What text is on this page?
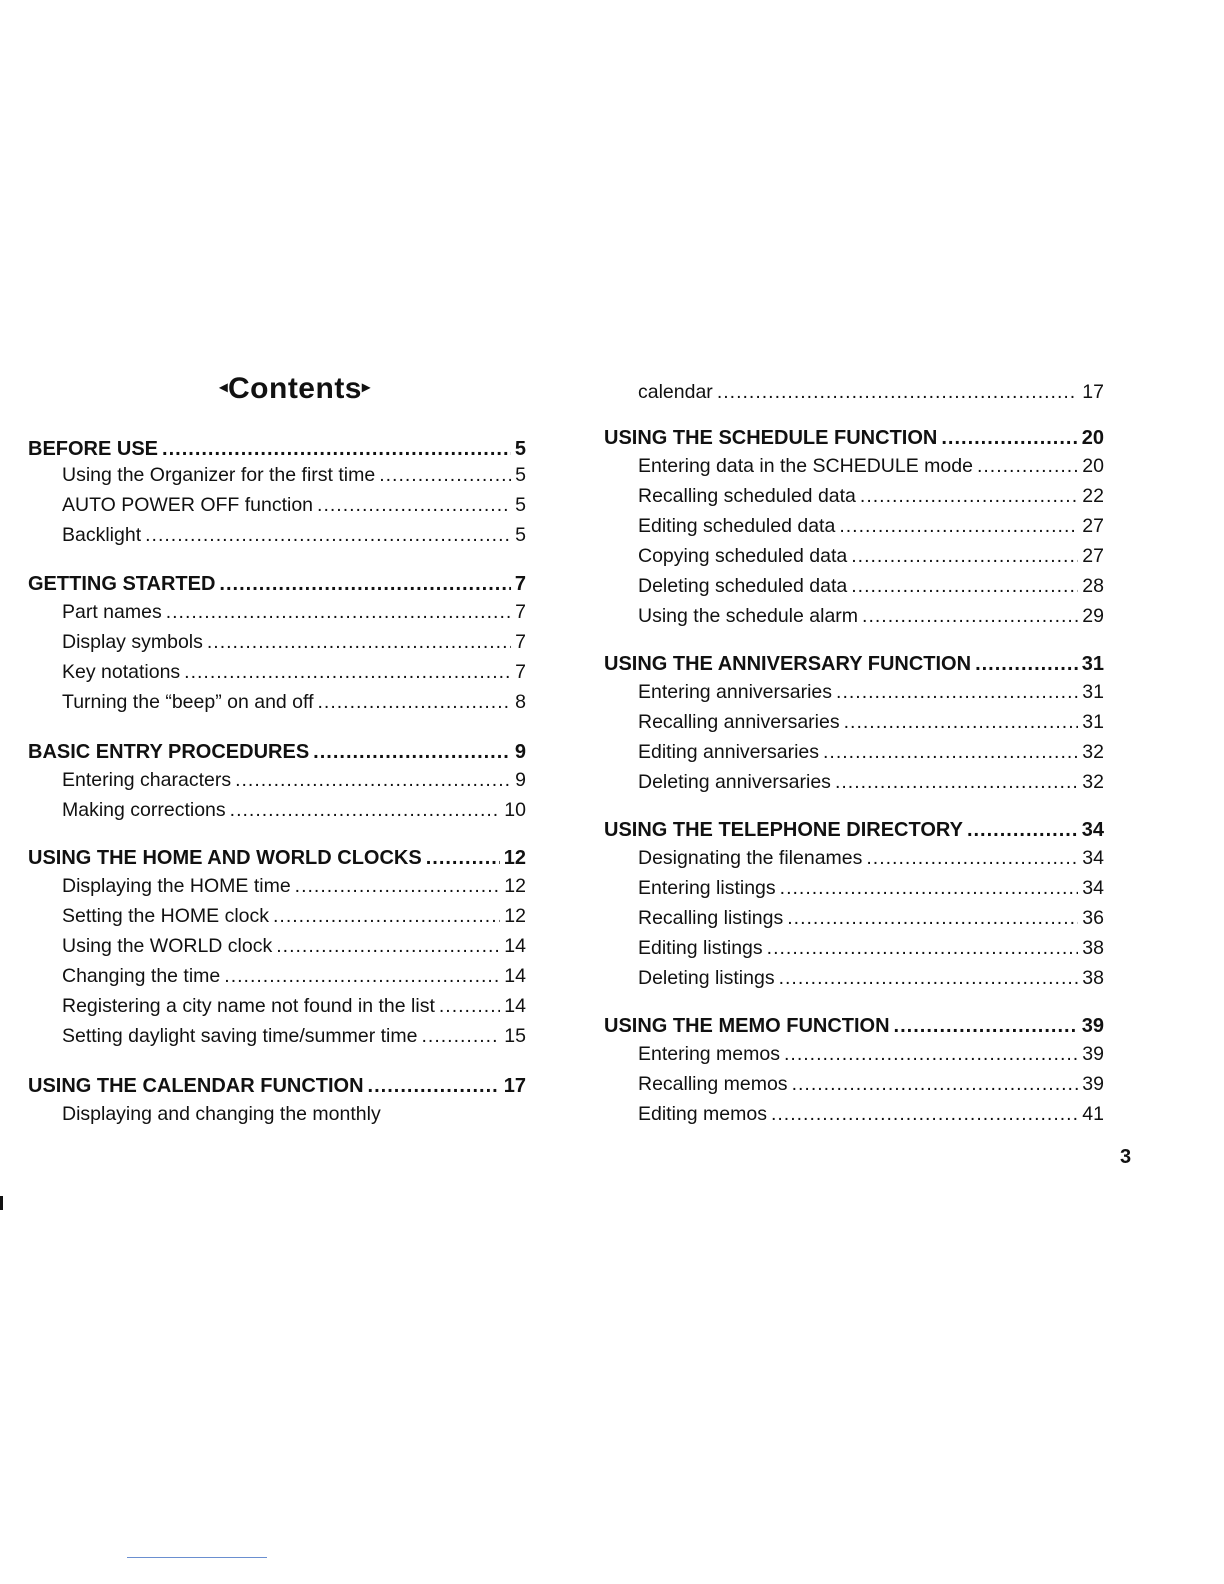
◂Contents▸
BEFORE USE .....	5
Using the Organizer for the first time .....	5
AUTO POWER OFF function .....	5
Backlight .....	5
GETTING STARTED .....	7
Part names .....	7
Display symbols .....	7
Key notations .....	7
Turning the “beep” on and off .....	8
BASIC ENTRY PROCEDURES .....	9
Entering characters .....	9
Making corrections .....	10
USING THE HOME AND WORLD CLOCKS .....	12
Displaying the HOME time .....	12
Setting the HOME clock .....	12
Using the WORLD clock .....	14
Changing the time .....	14
Registering a city name not found in the list .....	14
Setting daylight saving time/summer time .....	15
USING THE CALENDAR FUNCTION .....	17
Displaying and changing the monthly
calendar .....	17
USING THE SCHEDULE FUNCTION .....	20
Entering data in the SCHEDULE mode .....	20
Recalling scheduled data .....	22
Editing scheduled data .....	27
Copying scheduled data .....	27
Deleting scheduled data .....	28
Using the schedule alarm .....	29
USING THE ANNIVERSARY FUNCTION .....	31
Entering anniversaries .....	31
Recalling anniversaries .....	31
Editing anniversaries .....	32
Deleting anniversaries .....	32
USING THE TELEPHONE DIRECTORY .....	34
Designating the filenames .....	34
Entering listings .....	34
Recalling listings .....	36
Editing listings .....	38
Deleting listings .....	38
USING THE MEMO FUNCTION .....	39
Entering memos .....	39
Recalling memos .....	39
Editing memos .....	41
3
